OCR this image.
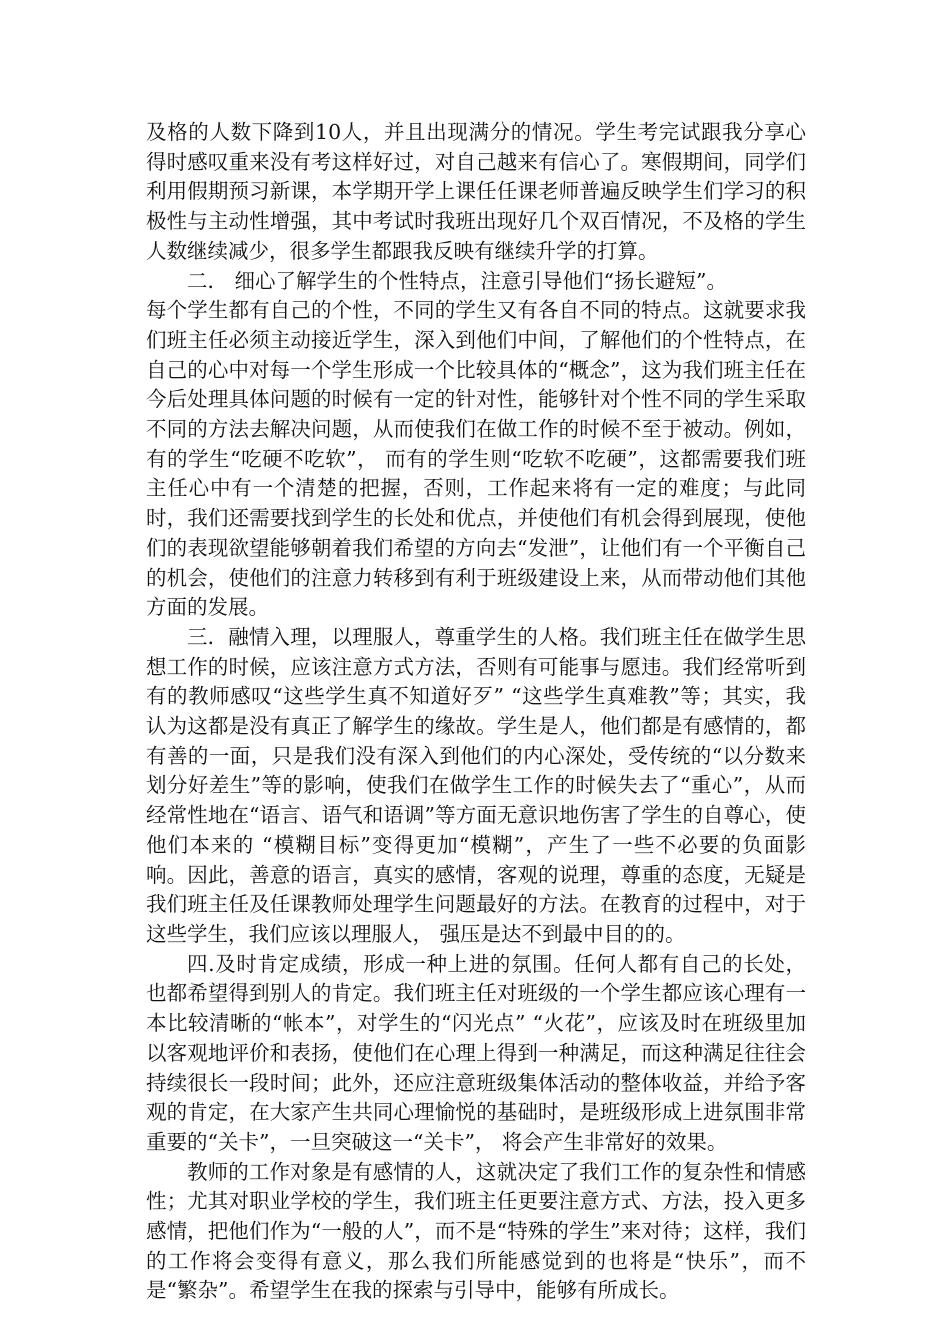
及格的人数下降到10人，并且出现满分的情况。学生考完试跟我分享心得时感叹重来没有考这样好过，对自己越来有信心了。寒假期间，同学们利用假期预习新课，本学期开学上课任任课老师普遍反映学生们学习的积极性与主动性增强，其中考试时我班出现好几个双百情况，不及格的学生人数继续减少，很多学生都跟我反映有继续升学的打算。

二． 细心了解学生的个性特点，注意引导他们“扬长避短”。

每个学生都有自己的个性，不同的学生又有各自不同的特点。这就要求我们班主任必须主动接近学生，深入到他们中间，了解他们的个性特点，在自己的心中对每一个学生形成一个比较具体的“概念”，这为我们班主任在今后处理具体问题的时候有一定的针对性，能够针对个性不同的学生采取不同的方法去解决问题，从而使我们在做工作的时候不至于被动。例如，有的学生“吃硬不吃软”， 而有的学生则“吃软不吃硬”，这都需要我们班主任心中有一个清楚的把握，否则，工作起来将有一定的难度；与此同时，我们还需要找到学生的长处和优点，并使他们有机会得到展现，使他们的表现欲望能够朝着我们希望的方向去“发泄”，让他们有一个平衡自己的机会，使他们的注意力转移到有利于班级建设上来，从而带动他们其他方面的发展。

三．融情入理，以理服人，尊重学生的人格。我们班主任在做学生思想工作的时候，应该注意方式方法，否则有可能事与愿违。我们经常听到有的教师感叹“这些学生真不知道好歹” “这些学生真难教”等；其实，我认为这都是没有真正了解学生的缘故。学生是人，他们都是有感情的，都有善的一面，只是我们没有深入到他们的内心深处，受传统的“以分数来划分好差生”等的影响，使我们在做学生工作的时候失去了“重心”，从而经常性地在“语言、语气和语调”等方面无意识地伤害了学生的自尊心，使他们本来的 “模糊目标”变得更加“模糊”，产生了一些不必要的负面影响。因此，善意的语言，真实的感情，客观的说理，尊重的态度，无疑是我们班主任及任课教师处理学生问题最好的方法。在教育的过程中，对于这些学生，我们应该以理服人， 强压是达不到最中目的的。

四.及时肯定成绩，形成一种上进的氛围。任何人都有自己的长处，也都希望得到别人的肯定。我们班主任对班级的一个学生都应该心理有一本比较清晰的“帐本”，对学生的“闪光点” “火花”，应该及时在班级里加以客观地评价和表扬，使他们在心理上得到一种满足，而这种满足往往会持续很长一段时间；此外，还应注意班级集体活动的整体收益，并给予客观的肯定，在大家产生共同心理愉悦的基础时，是班级形成上进氛围非常重要的“关卡”，一旦突破这一“关卡”， 将会产生非常好的效果。

教师的工作对象是有感情的人，这就决定了我们工作的复杂性和情感性；尤其对职业学校的学生，我们班主任更要注意方式、方法，投入更多感情，把他们作为“一般的人”，而不是“特殊的学生”来对待；这样，我们的工作将会变得有意义，那么我们所能感觉到的也将是“快乐”，而不是“繁杂”。希望学生在我的探索与引导中，能够有所成长。
